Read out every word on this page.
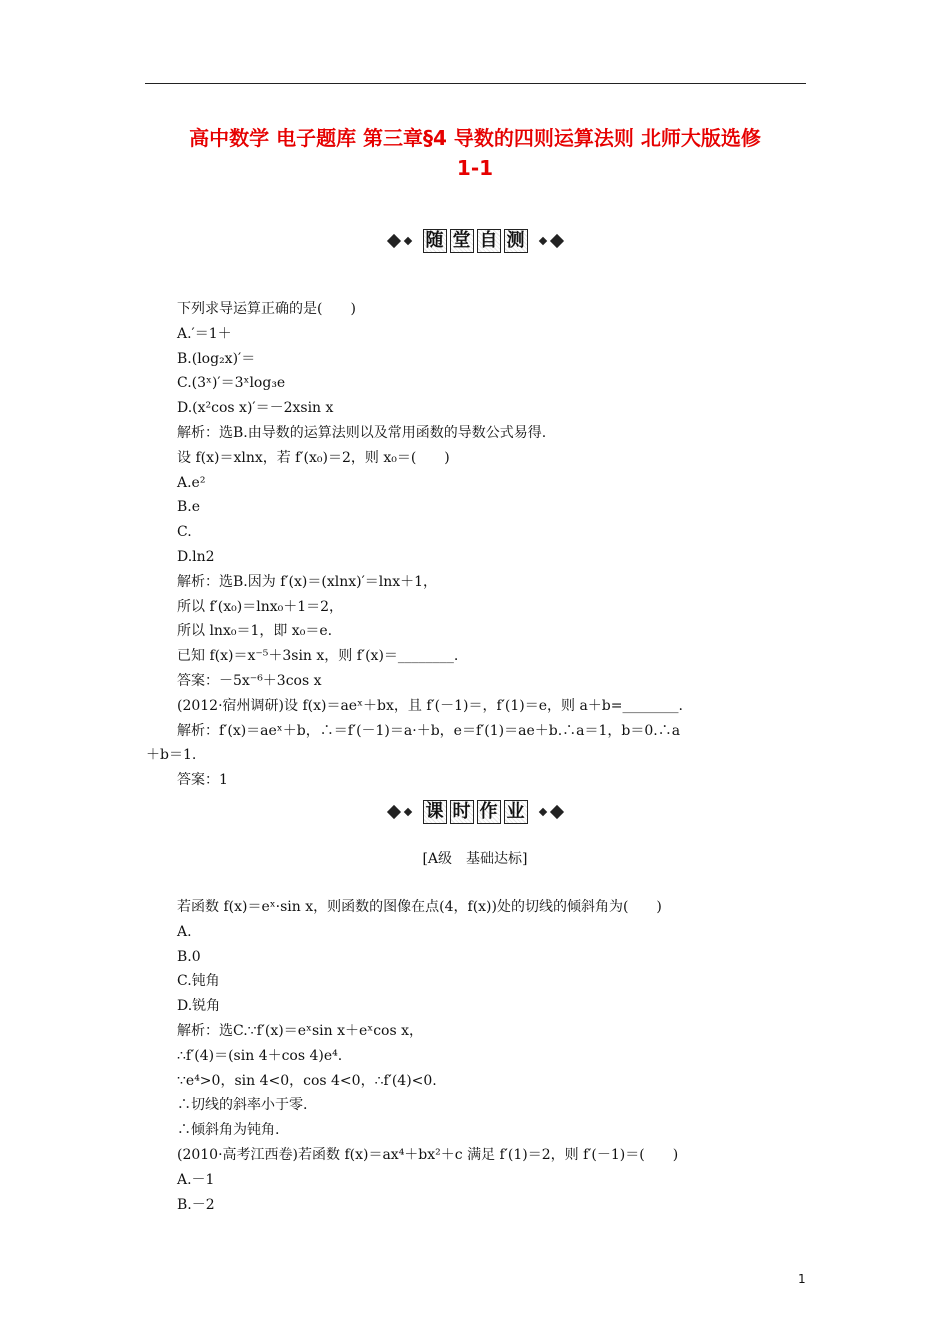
高中数学 电子题库 第三章§4 导数的四则运算法则 北师大版选修
1-1
随 堂 自 测
下列求导运算正确的是(　　)
A.′＝1＋
B.(log₂x)′＝
C.(3ˣ)′＝3ˣlog₃e
D.(x²cos x)′＝－2xsin x
解析：选B.由导数的运算法则以及常用函数的导数公式易得.
设 f(x)＝xlnx，若 f′(x₀)＝2，则 x₀＝(　　)
A.e²
B.e
C.
D.ln2
解析：选B.因为 f′(x)＝(xlnx)′＝lnx＋1，
所以 f′(x₀)＝lnx₀＋1＝2，
所以 lnx₀＝1，即 x₀＝e.
已知 f(x)＝x⁻⁵＋3sin x，则 f′(x)＝________.
答案：－5x⁻⁶＋3cos x
(2012·宿州调研)设 f(x)＝aeˣ＋bx，且 f′(－1)＝，f′(1)＝e，则 a＋b=________.
解析：f′(x)＝aeˣ＋b，∴＝f′(－1)＝a·＋b，e＝f′(1)＝ae＋b.∴a＝1，b＝0.∴a
＋b＝1.
答案：1
课 时 作 业
[A级　基础达标]
若函数 f(x)＝eˣ·sin x，则函数的图像在点(4，f(x))处的切线的倾斜角为(　　)
A.
B.0
C.钝角
D.锐角
解析：选C.∵f′(x)＝eˣsin x＋eˣcos x，
∴f′(4)＝(sin 4＋cos 4)e⁴.
∵e⁴>0，sin 4<0，cos 4<0，∴f′(4)<0.
∴切线的斜率小于零.
∴倾斜角为钝角.
(2010·高考江西卷)若函数 f(x)＝ax⁴＋bx²＋c 满足 f′(1)＝2，则 f′(－1)＝(　　)
A.－1
B.－2
1
